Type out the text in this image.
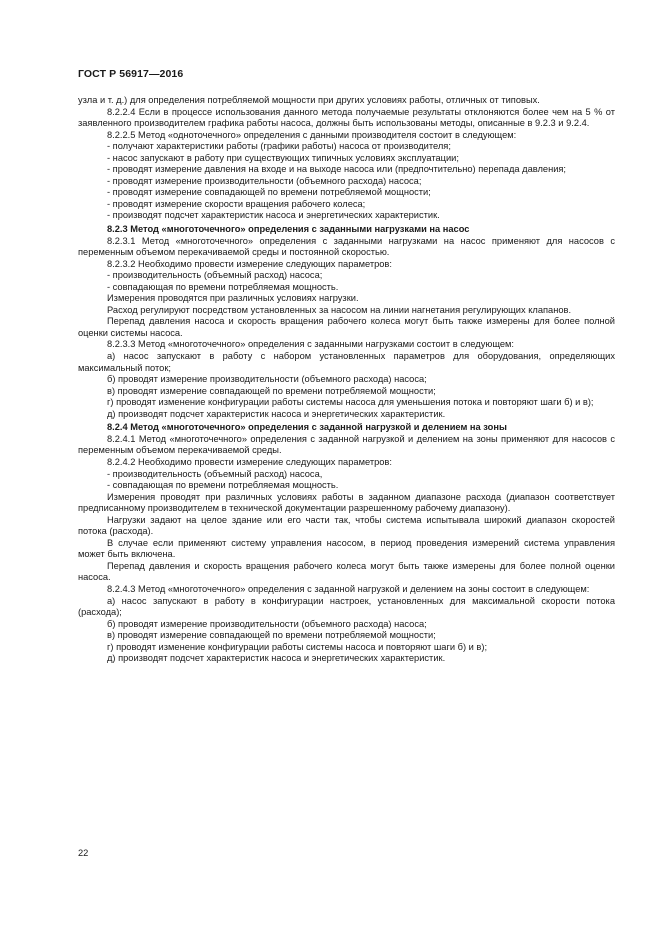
ГОСТ Р 56917—2016

узла и т. д.) для определения потребляемой мощности при других условиях работы, отличных от типовых.

8.2.2.4 Если в процессе использования данного метода получаемые результаты отклоняются более чем на 5 % от заявленного производителем графика работы насоса, должны быть использованы методы, описанные в 9.2.3 и 9.2.4.

8.2.2.5 Метод «одноточечного» определения с данными производителя состоит в следующем:

- получают характеристики работы (графики работы) насоса от производителя;

- насос запускают в работу при существующих типичных условиях эксплуатации;

- проводят измерение давления на входе и на выходе насоса или (предпочтительно) перепада давления;

- проводят измерение производительности (объемного расхода) насоса;

- проводят измерение совпадающей по времени потребляемой мощности;

- проводят измерение скорости вращения рабочего колеса;

- производят подсчет характеристик насоса и энергетических характеристик.

8.2.3 Метод «многоточечного» определения с заданными нагрузками на насос

8.2.3.1 Метод «многоточечного» определения с заданными нагрузками на насос применяют для насосов с переменным объемом перекачиваемой среды и постоянной скоростью.

8.2.3.2 Необходимо провести измерение следующих параметров:

- производительность (объемный расход) насоса;

- совпадающая по времени потребляемая мощность.

Измерения проводятся при различных условиях нагрузки.

Расход регулируют посредством установленных за насосом на линии нагнетания регулирующих клапанов.

Перепад давления насоса и скорость вращения рабочего колеса могут быть также измерены для более полной оценки системы насоса.

8.2.3.3 Метод «многоточечного» определения с заданными нагрузками состоит в следующем:

а) насос запускают в работу с набором установленных параметров для оборудования, определяющих максимальный поток;

б) проводят измерение производительности (объемного расхода) насоса;

в) проводят измерение совпадающей по времени потребляемой мощности;

г) проводят изменение конфигурации работы системы насоса для уменьшения потока и повторяют шаги б) и в);

д) производят подсчет характеристик насоса и энергетических характеристик.

8.2.4 Метод «многоточечного» определения с заданной нагрузкой и делением на зоны

8.2.4.1 Метод «многоточечного» определения с заданной нагрузкой и делением на зоны применяют для насосов с переменным объемом перекачиваемой среды.

8.2.4.2 Необходимо провести измерение следующих параметров:

- производительность (объемный расход) насоса,

- совпадающая по времени потребляемая мощность.

Измерения проводят при различных условиях работы в заданном диапазоне расхода (диапазон соответствует предписанному производителем в технической документации разрешенному рабочему диапазону).

Нагрузки задают на целое здание или его части так, чтобы система испытывала широкий диапазон скоростей потока (расхода).

В случае если применяют систему управления насосом, в период проведения измерений система управления может быть включена.

Перепад давления и скорость вращения рабочего колеса могут быть также измерены для более полной оценки насоса.

8.2.4.3 Метод «многоточечного» определения с заданной нагрузкой и делением на зоны состоит в следующем:

а) насос запускают в работу в конфигурации настроек, установленных для максимальной скорости потока (расхода);

б) проводят измерение производительности (объемного расхода) насоса;

в) проводят измерение совпадающей по времени потребляемой мощности;

г) проводят изменение конфигурации работы системы насоса и повторяют шаги б) и в);

д) производят подсчет характеристик насоса и энергетических характеристик.

22
